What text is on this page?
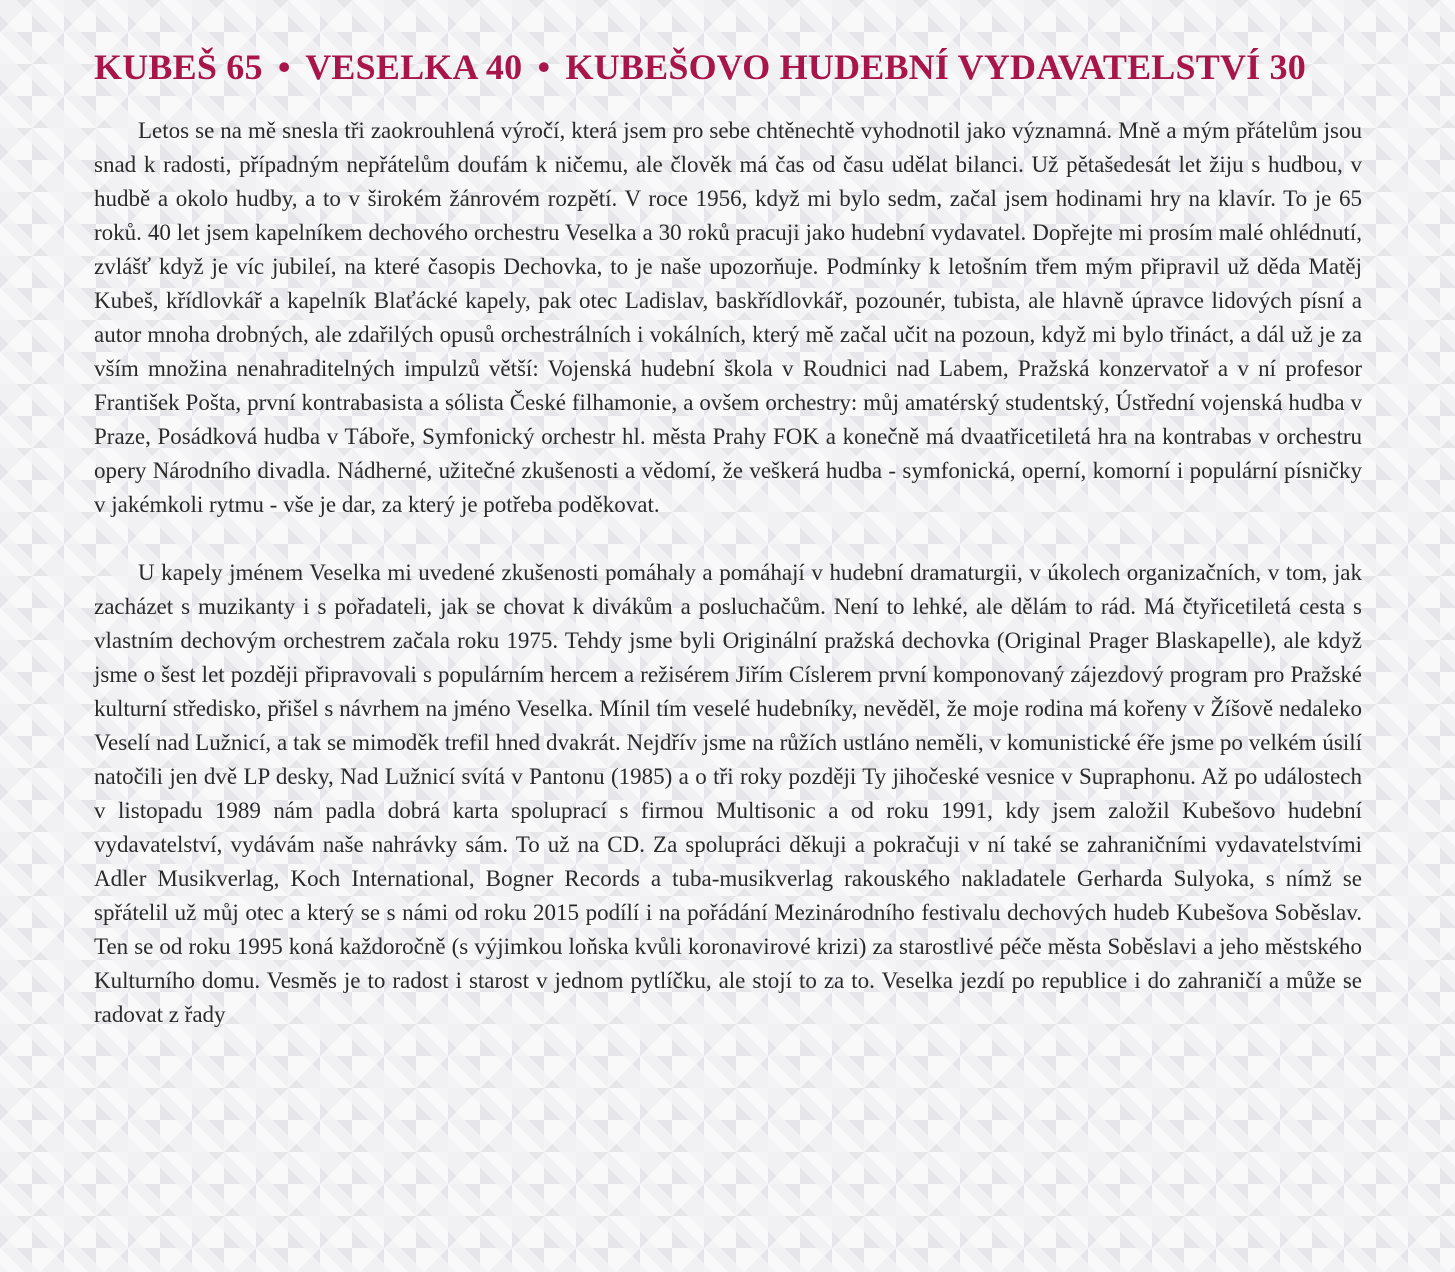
KUBEŠ 65 • VESELKA 40 • KUBEŠOVO HUDEBNÍ VYDAVATELSTVÍ 30

Letos se na mě snesla tři zaokrouhlená výročí, která jsem pro sebe chtěnechtě vyhodnotil jako významná. Mně a mým přátelům jsou snad k radosti, případným nepřátelům doufám k ničemu, ale člověk má čas od času udělat bilanci. Už pětašedesát let žiju s hudbou, v hudbě a okolo hudby, a to v širokém žánrovém rozpětí. V roce 1956, když mi bylo sedm, začal jsem hodinami hry na klavír. To je 65 roků. 40 let jsem kapelníkem dechového orchestru Veselka a 30 roků pracuji jako hudební vydavatel. Dopřejte mi prosím malé ohlédnutí, zvlášť když je víc jubileí, na které časopis Dechovka, to je naše upozorňuje. Podmínky k letošním třem mým připravil už děda Matěj Kubeš, křídlovkář a kapelník Blaťácké kapely, pak otec Ladislav, baskřídlovkář, pozounér, tubista, ale hlavně úpravce lidových písní a autor mnoha drobných, ale zdařilých opusů orchestrálních i vokálních, který mě začal učit na pozoun, když mi bylo třináct, a dál už je za vším množina nenahraditelných impulzů větší: Vojenská hudební škola v Roudnici nad Labem, Pražská konzervatoř a v ní profesor František Pošta, první kontrabasista a sólista České filhamonie, a ovšem orchestry: můj amatérský studentský, Ústřední vojenská hudba v Praze, Posádková hudba v Táboře, Symfonický orchestr hl. města Prahy FOK a konečně má dvaatřicetiletá hra na kontrabas v orchestru opery Národního divadla. Nádherné, užitečné zkušenosti a vědomí, že veškerá hudba - symfonická, operní, komorní i populární písničky v jakémkoli rytmu - vše je dar, za který je potřeba poděkovat.

U kapely jménem Veselka mi uvedené zkušenosti pomáhaly a pomáhají v hudební dramaturgii, v úkolech organizačních, v tom, jak zacházet s muzikanty i s pořadateli, jak se chovat k divákům a posluchačům. Není to lehké, ale dělám to rád. Má čtyřicetiletá cesta s vlastním dechovým orchestrem začala roku 1975. Tehdy jsme byli Originální pražská dechovka (Original Prager Blaskapelle), ale když jsme o šest let později připravovali s populárním hercem a režisérem Jiřím Císlerem první komponovaný zájezdový program pro Pražské kulturní středisko, přišel s návrhem na jméno Veselka. Mínil tím veselé hudebníky, nevěděl, že moje rodina má kořeny v Žíšově nedaleko Veselí nad Lužnicí, a tak se mimoděk trefil hned dvakrát. Nejdřív jsme na růžích ustláno neměli, v komunistické éře jsme po velkém úsilí natočili jen dvě LP desky, Nad Lužnicí svítá v Pantonu (1985) a o tři roky později Ty jihočeské vesnice v Supraphonu. Až po událostech v listopadu 1989 nám padla dobrá karta spoluprací s firmou Multisonic a od roku 1991, kdy jsem založil Kubešovo hudební vydavatelství, vydávám naše nahrávky sám. To už na CD. Za spolupráci děkuji a pokračuji v ní také se zahraničními vydavatelstvími Adler Musikverlag, Koch International, Bogner Records a tuba-musikverlag rakouského nakladatele Gerharda Sulyoka, s nímž se spřátelil už můj otec a který se s námi od roku 2015 podílí i na pořádání Mezinárodního festivalu dechových hudeb Kubešova Soběslav. Ten se od roku 1995 koná každoročně (s výjimkou loňska kvůli koronavirové krizi) za starostlivé péče města Soběslavi a jeho městského Kulturního domu. Vesměs je to radost i starost v jednom pytlíčku, ale stojí to za to. Veselka jezdí po republice i do zahraničí a může se radovat z řady
